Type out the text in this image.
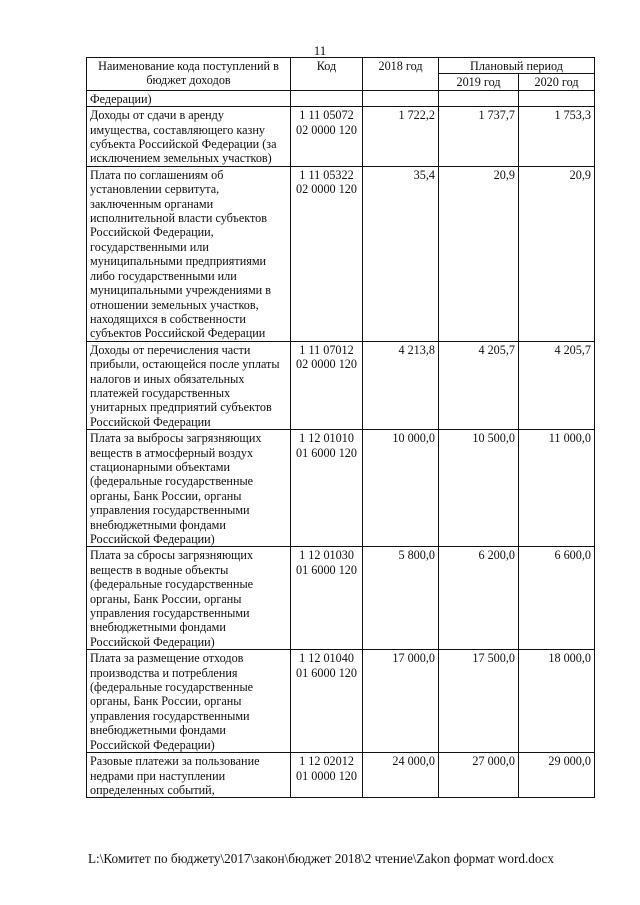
11
Наименование кода поступлений в бюджет доходов	Код	2018 год	Плановый период	
			2019 год	2020 год
Федерации)				
Доходы от сдачи в аренду имущества, составляющего казну субъекта Российской Федерации (за исключением земельных участков)	1 11 05072 02 0000 120	1 722,2	1 737,7	1 753,3
Плата по соглашениям об установлении сервитута, заключенным органами исполнительной власти субъектов Российской Федерации, государственными или муниципальными предприятиями либо государственными или муниципальными учреждениями в отношении земельных участков, находящихся в собственности субъектов Российской Федерации	1 11 05322 02 0000 120	35,4	20,9	20,9
Доходы от перечисления части прибыли, остающейся после уплаты налогов и иных обязательных платежей государственных унитарных предприятий субъектов Российской Федерации	1 11 07012 02 0000 120	4 213,8	4 205,7	4 205,7
Плата за выбросы загрязняющих веществ в атмосферный воздух стационарными объектами (федеральные государственные органы, Банк России, органы управления государственными внебюджетными фондами Российской Федерации)	1 12 01010 01 6000 120	10 000,0	10 500,0	11 000,0
Плата за сбросы загрязняющих веществ в водные объекты (федеральные государственные органы, Банк России, органы управления государственными внебюджетными фондами Российской Федерации)	1 12 01030 01 6000 120	5 800,0	6 200,0	6 600,0
Плата за размещение отходов производства и потребления (федеральные государственные органы, Банк России, органы управления государственными внебюджетными фондами Российской Федерации)	1 12 01040 01 6000 120	17 000,0	17 500,0	18 000,0
Разовые платежи за пользование недрами при наступлении определенных событий,	1 12 02012 01 0000 120	24 000,0	27 000,0	29 000,0
L:\Комитет по бюджету\2017\закон\бюджет 2018\2 чтение\Zakon формат word.docx
